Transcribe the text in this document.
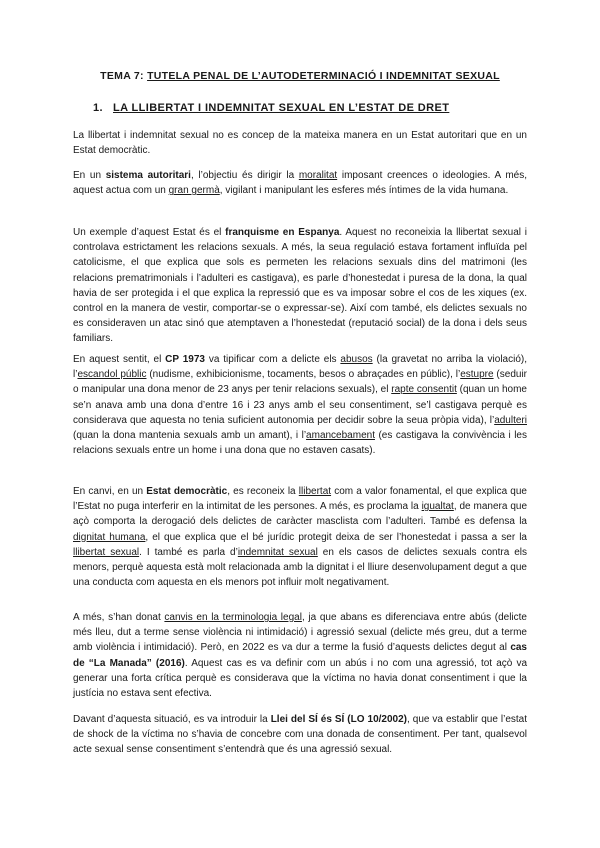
TEMA 7: TUTELA PENAL DE L’AUTODETERMINACIÓ I INDEMNITAT SEXUAL
1. LA LLIBERTAT I INDEMNITAT SEXUAL EN L’ESTAT DE DRET
La llibertat i indemnitat sexual no es concep de la mateixa manera en un Estat autoritari que en un Estat democràtic.
En un sistema autoritari, l’objectiu és dirigir la moralitat imposant creences o ideologies. A més, aquest actua com un gran germà, vigilant i manipulant les esferes més íntimes de la vida humana.
Un exemple d’aquest Estat és el franquisme en Espanya. Aquest no reconeixia la llibertat sexual i controlava estrictament les relacions sexuals. A més, la seua regulació estava fortament influïda pel catolicisme, el que explica que sols es permeten les relacions sexuals dins del matrimoni (les relacions prematrimonials i l’adulteri es castigava), es parle d’honestedat i puresa de la dona, la qual havia de ser protegida i el que explica la repressió que es va imposar sobre el cos de les xiques (ex. control en la manera de vestir, comportar-se o expressar-se). Així com també, els delictes sexuals no es consideraven un atac sinó que atemptaven a l’honestedat (reputació social) de la dona i dels seus familiars.
En aquest sentit, el CP 1973 va tipificar com a delicte els abusos (la gravetat no arriba la violació), l’escandol públic (nudisme, exhibicionisme, tocaments, besos o abraçades en públic), l’estupre (seduir o manipular una dona menor de 23 anys per tenir relacions sexuals), el rapte consentit (quan un home se’n anava amb una dona d’entre 16 i 23 anys amb el seu consentiment, se’l castigava perquè es considerava que aquesta no tenia suficient autonomia per decidir sobre la seua pròpia vida), l’adulteri (quan la dona mantenia sexuals amb un amant), i l’amancebament (es castigava la convivència i les relacions sexuals entre un home i una dona que no estaven casats).
En canvi, en un Estat democràtic, es reconeix la llibertat com a valor fonamental, el que explica que l’Estat no puga interferir en la intimitat de les persones. A més, es proclama la igualtat, de manera que açò comporta la derogació dels delictes de caràcter masclista com l’adulteri. També es defensa la dignitat humana, el que explica que el bé jurídic protegit deixa de ser l’honestedat i passa a ser la llibertat sexual. I també es parla d’indemnitat sexual en els casos de delictes sexuals contra els menors, perquè aquesta està molt relacionada amb la dignitat i el lliure desenvolupament degut a que una conducta com aquesta en els menors pot influir molt negativament.
A més, s’han donat canvis en la terminologia legal, ja que abans es diferenciava entre abús (delicte més lleu, dut a terme sense violència ni intimidació) i agressió sexual (delicte més greu, dut a terme amb violència i intimidació). Però, en 2022 es va dur a terme la fusió d’aquests delictes degut al cas de “La Manada” (2016). Aquest cas es va definir com un abús i no com una agressió, tot açò va generar una forta crítica perquè es considerava que la víctima no havia donat consentiment i que la justícia no estava sent efectiva.
Davant d’aquesta situació, es va introduir la Llei del SÍ és SÍ (LO 10/2002), que va establir que l’estat de shock de la víctima no s’havia de concebre com una donada de consentiment. Per tant, qualsevol acte sexual sense consentiment s’entendrà que és una agressió sexual.
